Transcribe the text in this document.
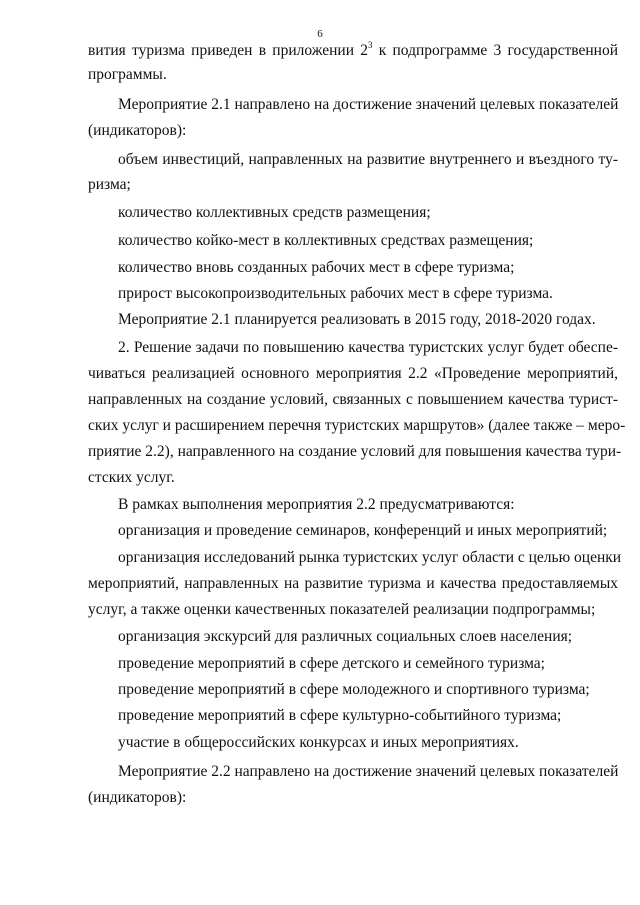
6
вития туризма приведен в приложении $2^3$ к подпрограмме 3 государственной
программы.
Мероприятие 2.1 направлено на достижение значений целевых показателей
(индикаторов):
объем инвестиций, направленных на развитие внутреннего и въездного ту-
ризма;
количество коллективных средств размещения;
количество койко-мест в коллективных средствах размещения;
количество вновь созданных рабочих мест в сфере туризма;
прирост высокопроизводительных рабочих мест в сфере туризма.
Мероприятие 2.1 планируется реализовать в 2015 году, 2018-2020 годах.
2. Решение задачи по повышению качества туристских услуг будет обеспе-
чиваться реализацией основного мероприятия 2.2 «Проведение мероприятий,
направленных на создание условий, связанных с повышением качества турист-
ских услуг и расширением перечня туристских маршрутов» (далее также – меро-
приятие 2.2), направленного на создание условий для повышения качества тури-
стских услуг.
В рамках выполнения мероприятия 2.2 предусматриваются:
организация и проведение семинаров, конференций и иных мероприятий;
организация исследований рынка туристских услуг области с целью оценки
мероприятий, направленных на развитие туризма и качества предоставляемых
услуг, а также оценки качественных показателей реализации подпрограммы;
организация экскурсий для различных социальных слоев населения;
проведение мероприятий в сфере детского и семейного туризма;
проведение мероприятий в сфере молодежного и спортивного туризма;
проведение мероприятий в сфере культурно-событийного туризма;
участие в общероссийских конкурсах и иных мероприятиях.
Мероприятие 2.2 направлено на достижение значений целевых показателей
(индикаторов):
